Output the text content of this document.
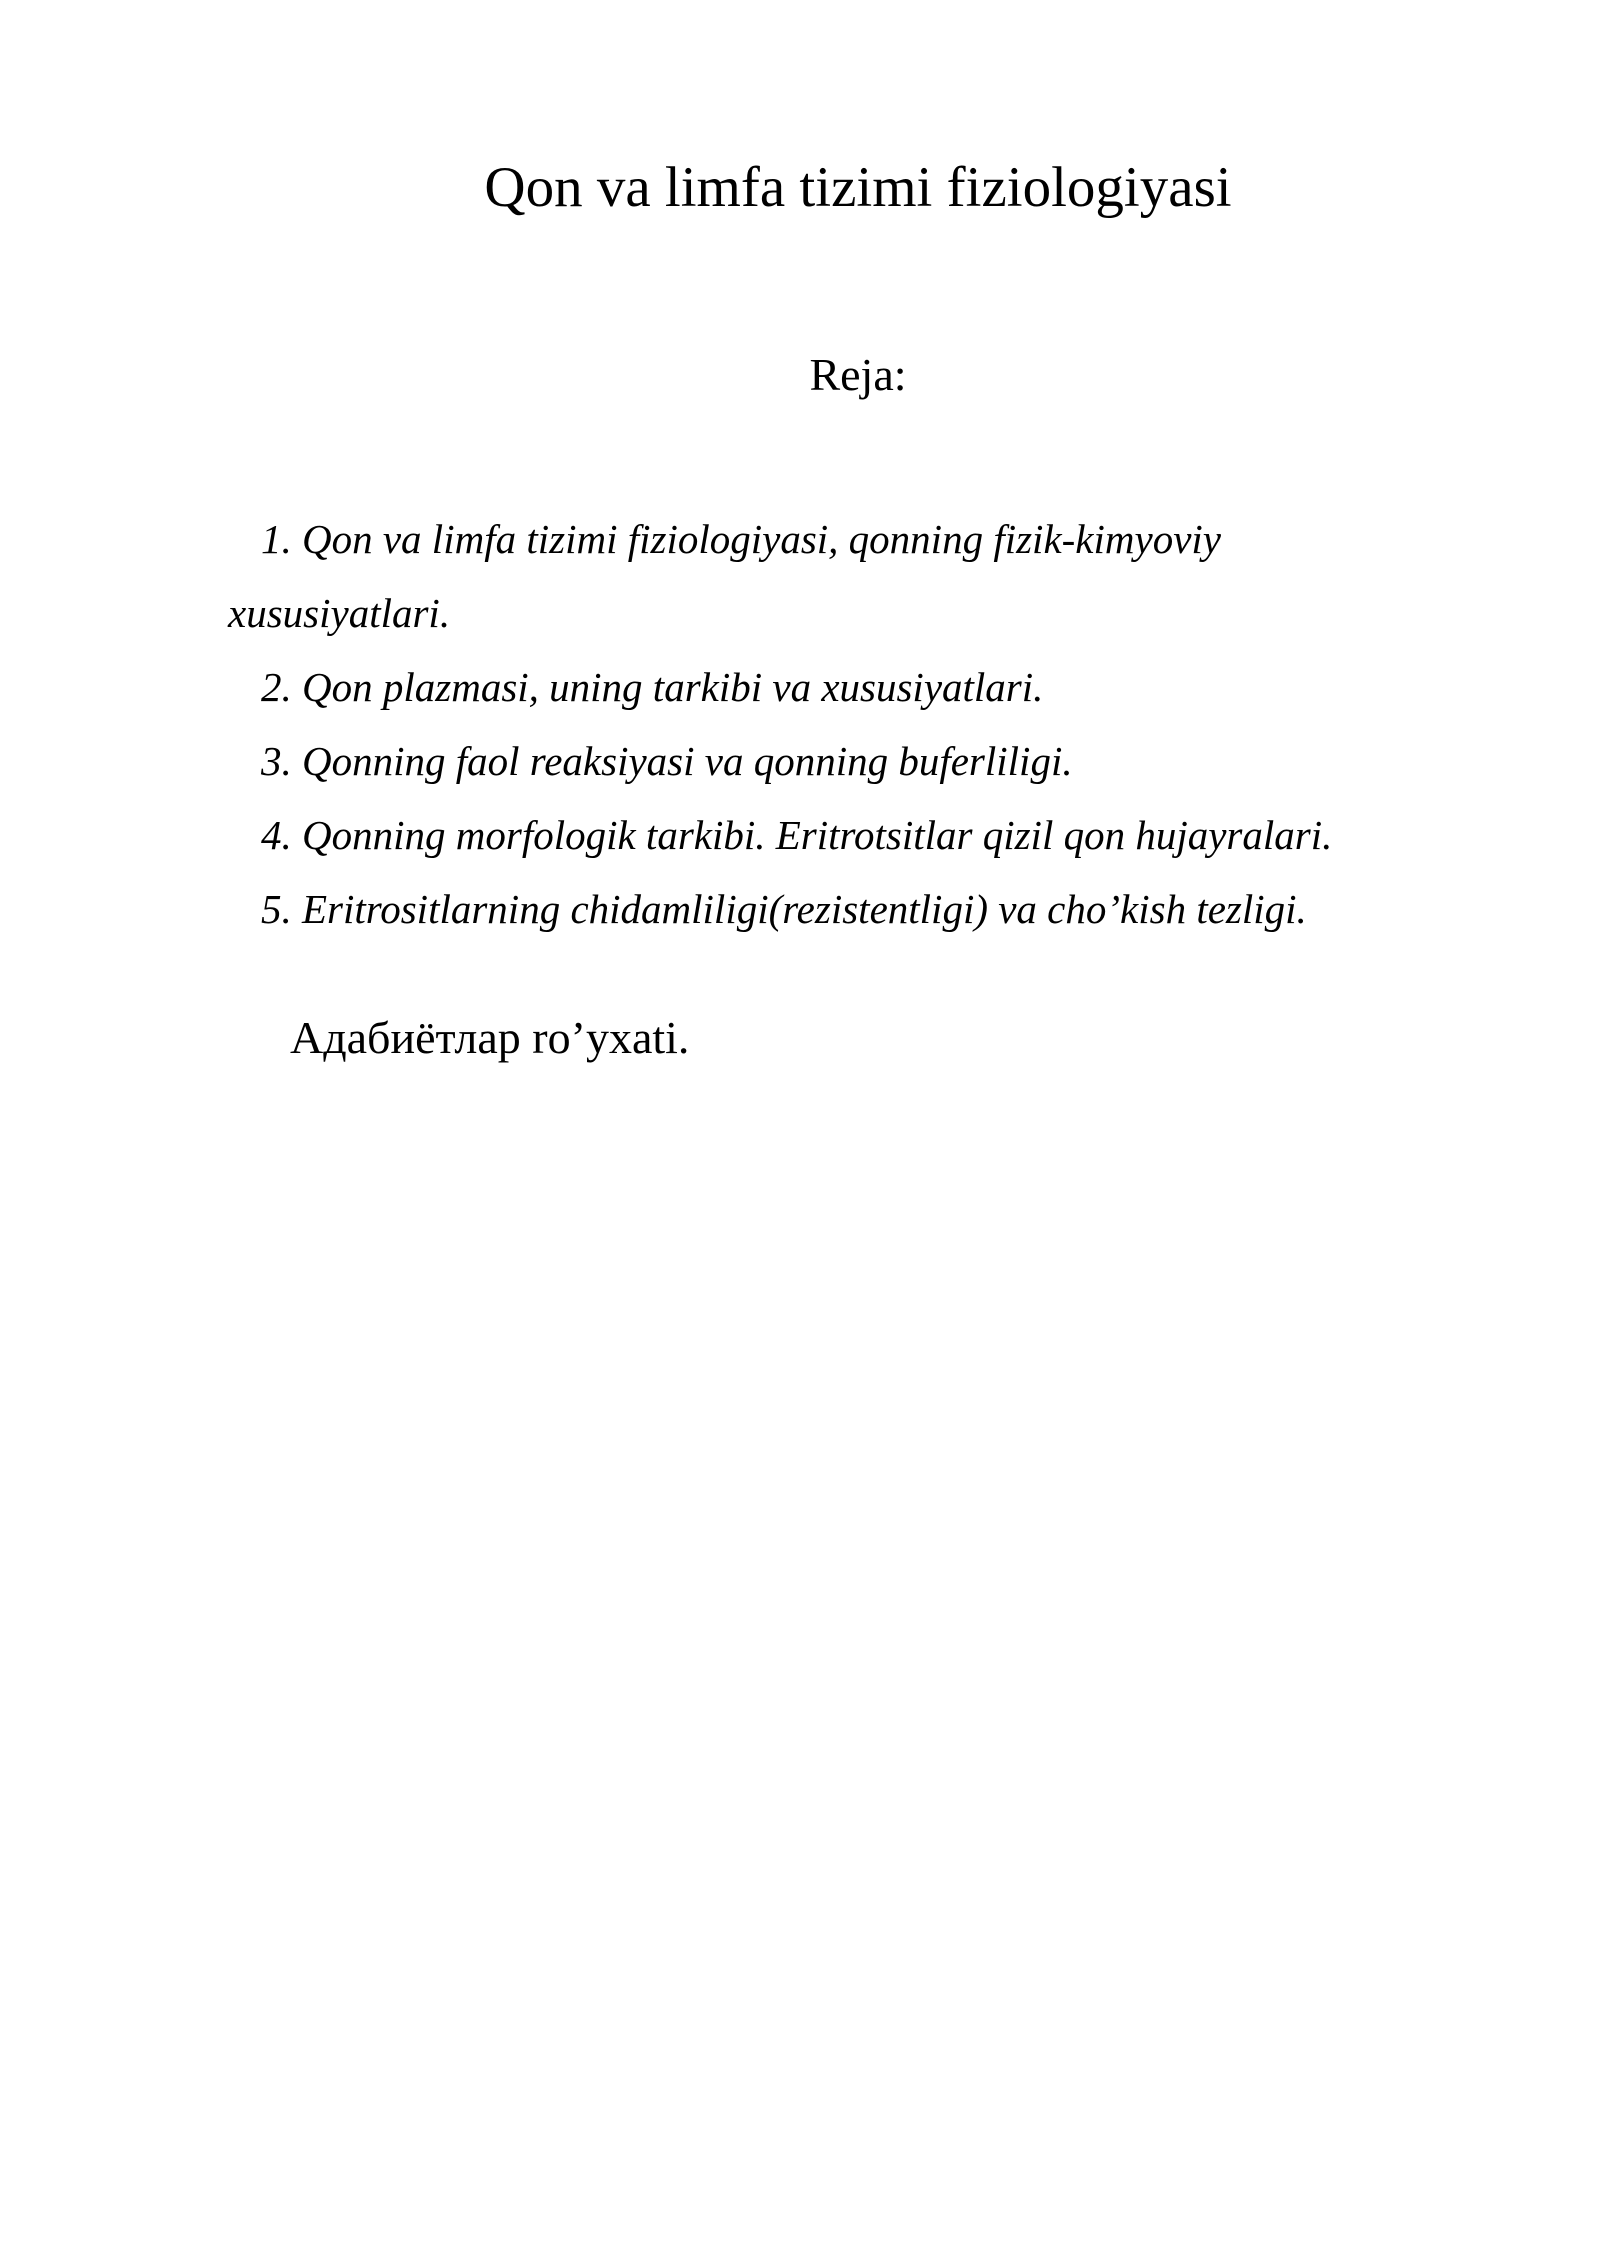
Qon va limfa tizimi fiziologiyasi
Reja:
1. Qon va limfa tizimi fiziologiyasi, qonning fizik-kimyoviy xususiyatlari.
2. Qon plazmasi, uning tarkibi va xususiyatlari.
3. Qonning faol reaksiyasi va qonning buferliligi.
4. Qonning morfologik tarkibi. Eritrotsitlar qizil qon hujayralari.
5. Eritrositlarning chidamliligi(rezistentligi) va cho’kish tezligi.

Адабиётлар ro’yxati.
